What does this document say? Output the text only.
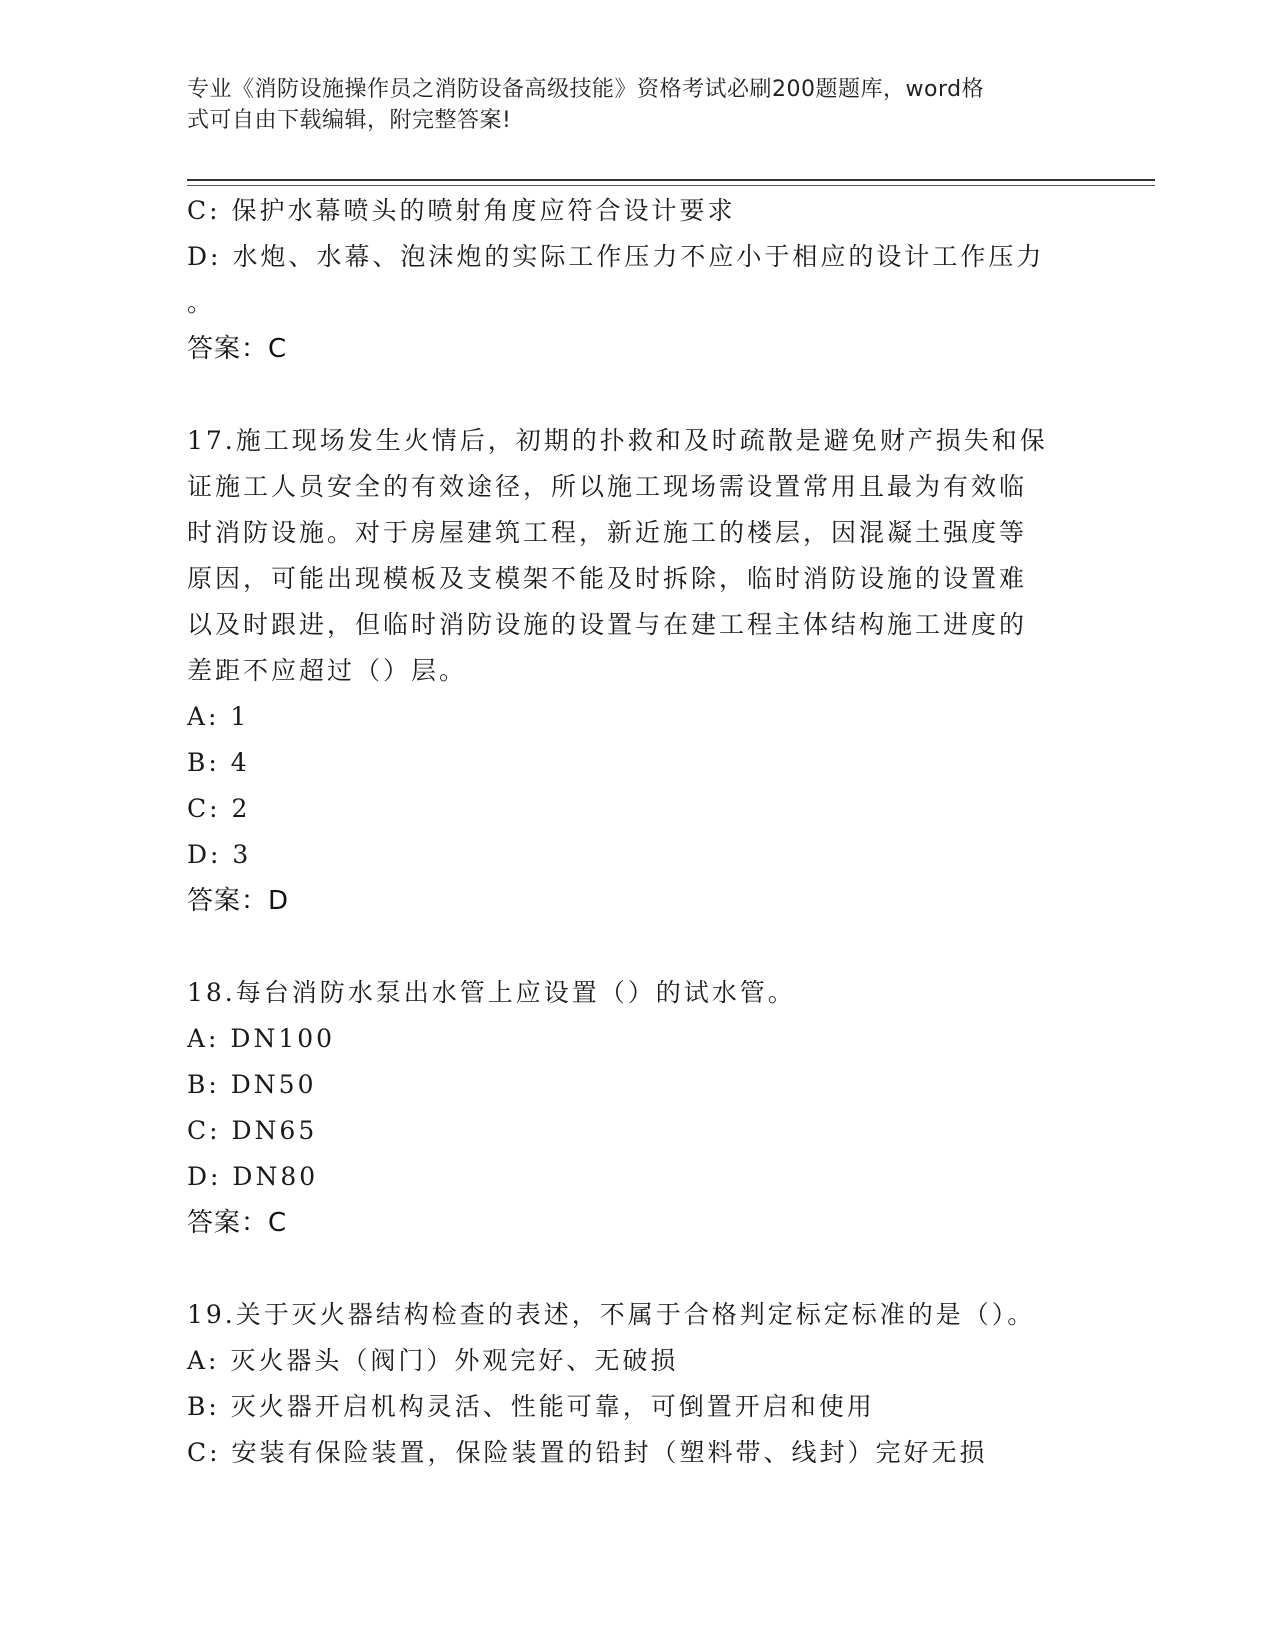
专业《消防设施操作员之消防设备高级技能》资格考试必刷200题题库，word格
式可自由下载编辑，附完整答案!
C: 保护水幕喷头的喷射角度应符合设计要求
D: 水炮、水幕、泡沫炮的实际工作压力不应小于相应的设计工作压力
。
答案：C
17.施工现场发生火情后，初期的扑救和及时疏散是避免财产损失和保
证施工人员安全的有效途径，所以施工现场需设置常用且最为有效临
时消防设施。对于房屋建筑工程，新近施工的楼层，因混凝土强度等
原因，可能出现模板及支模架不能及时拆除，临时消防设施的设置难
以及时跟进，但临时消防设施的设置与在建工程主体结构施工进度的
差距不应超过（）层。
A: 1
B: 4
C: 2
D: 3
答案：D
18.每台消防水泵出水管上应设置（）的试水管。
A: DN100
B: DN50
C: DN65
D: DN80
答案：C
19.关于灭火器结构检查的表述，不属于合格判定标定标准的是（）。
A: 灭火器头（阀门）外观完好、无破损
B: 灭火器开启机构灵活、性能可靠，可倒置开启和使用
C: 安装有保险装置，保险装置的铅封（塑料带、线封）完好无损
